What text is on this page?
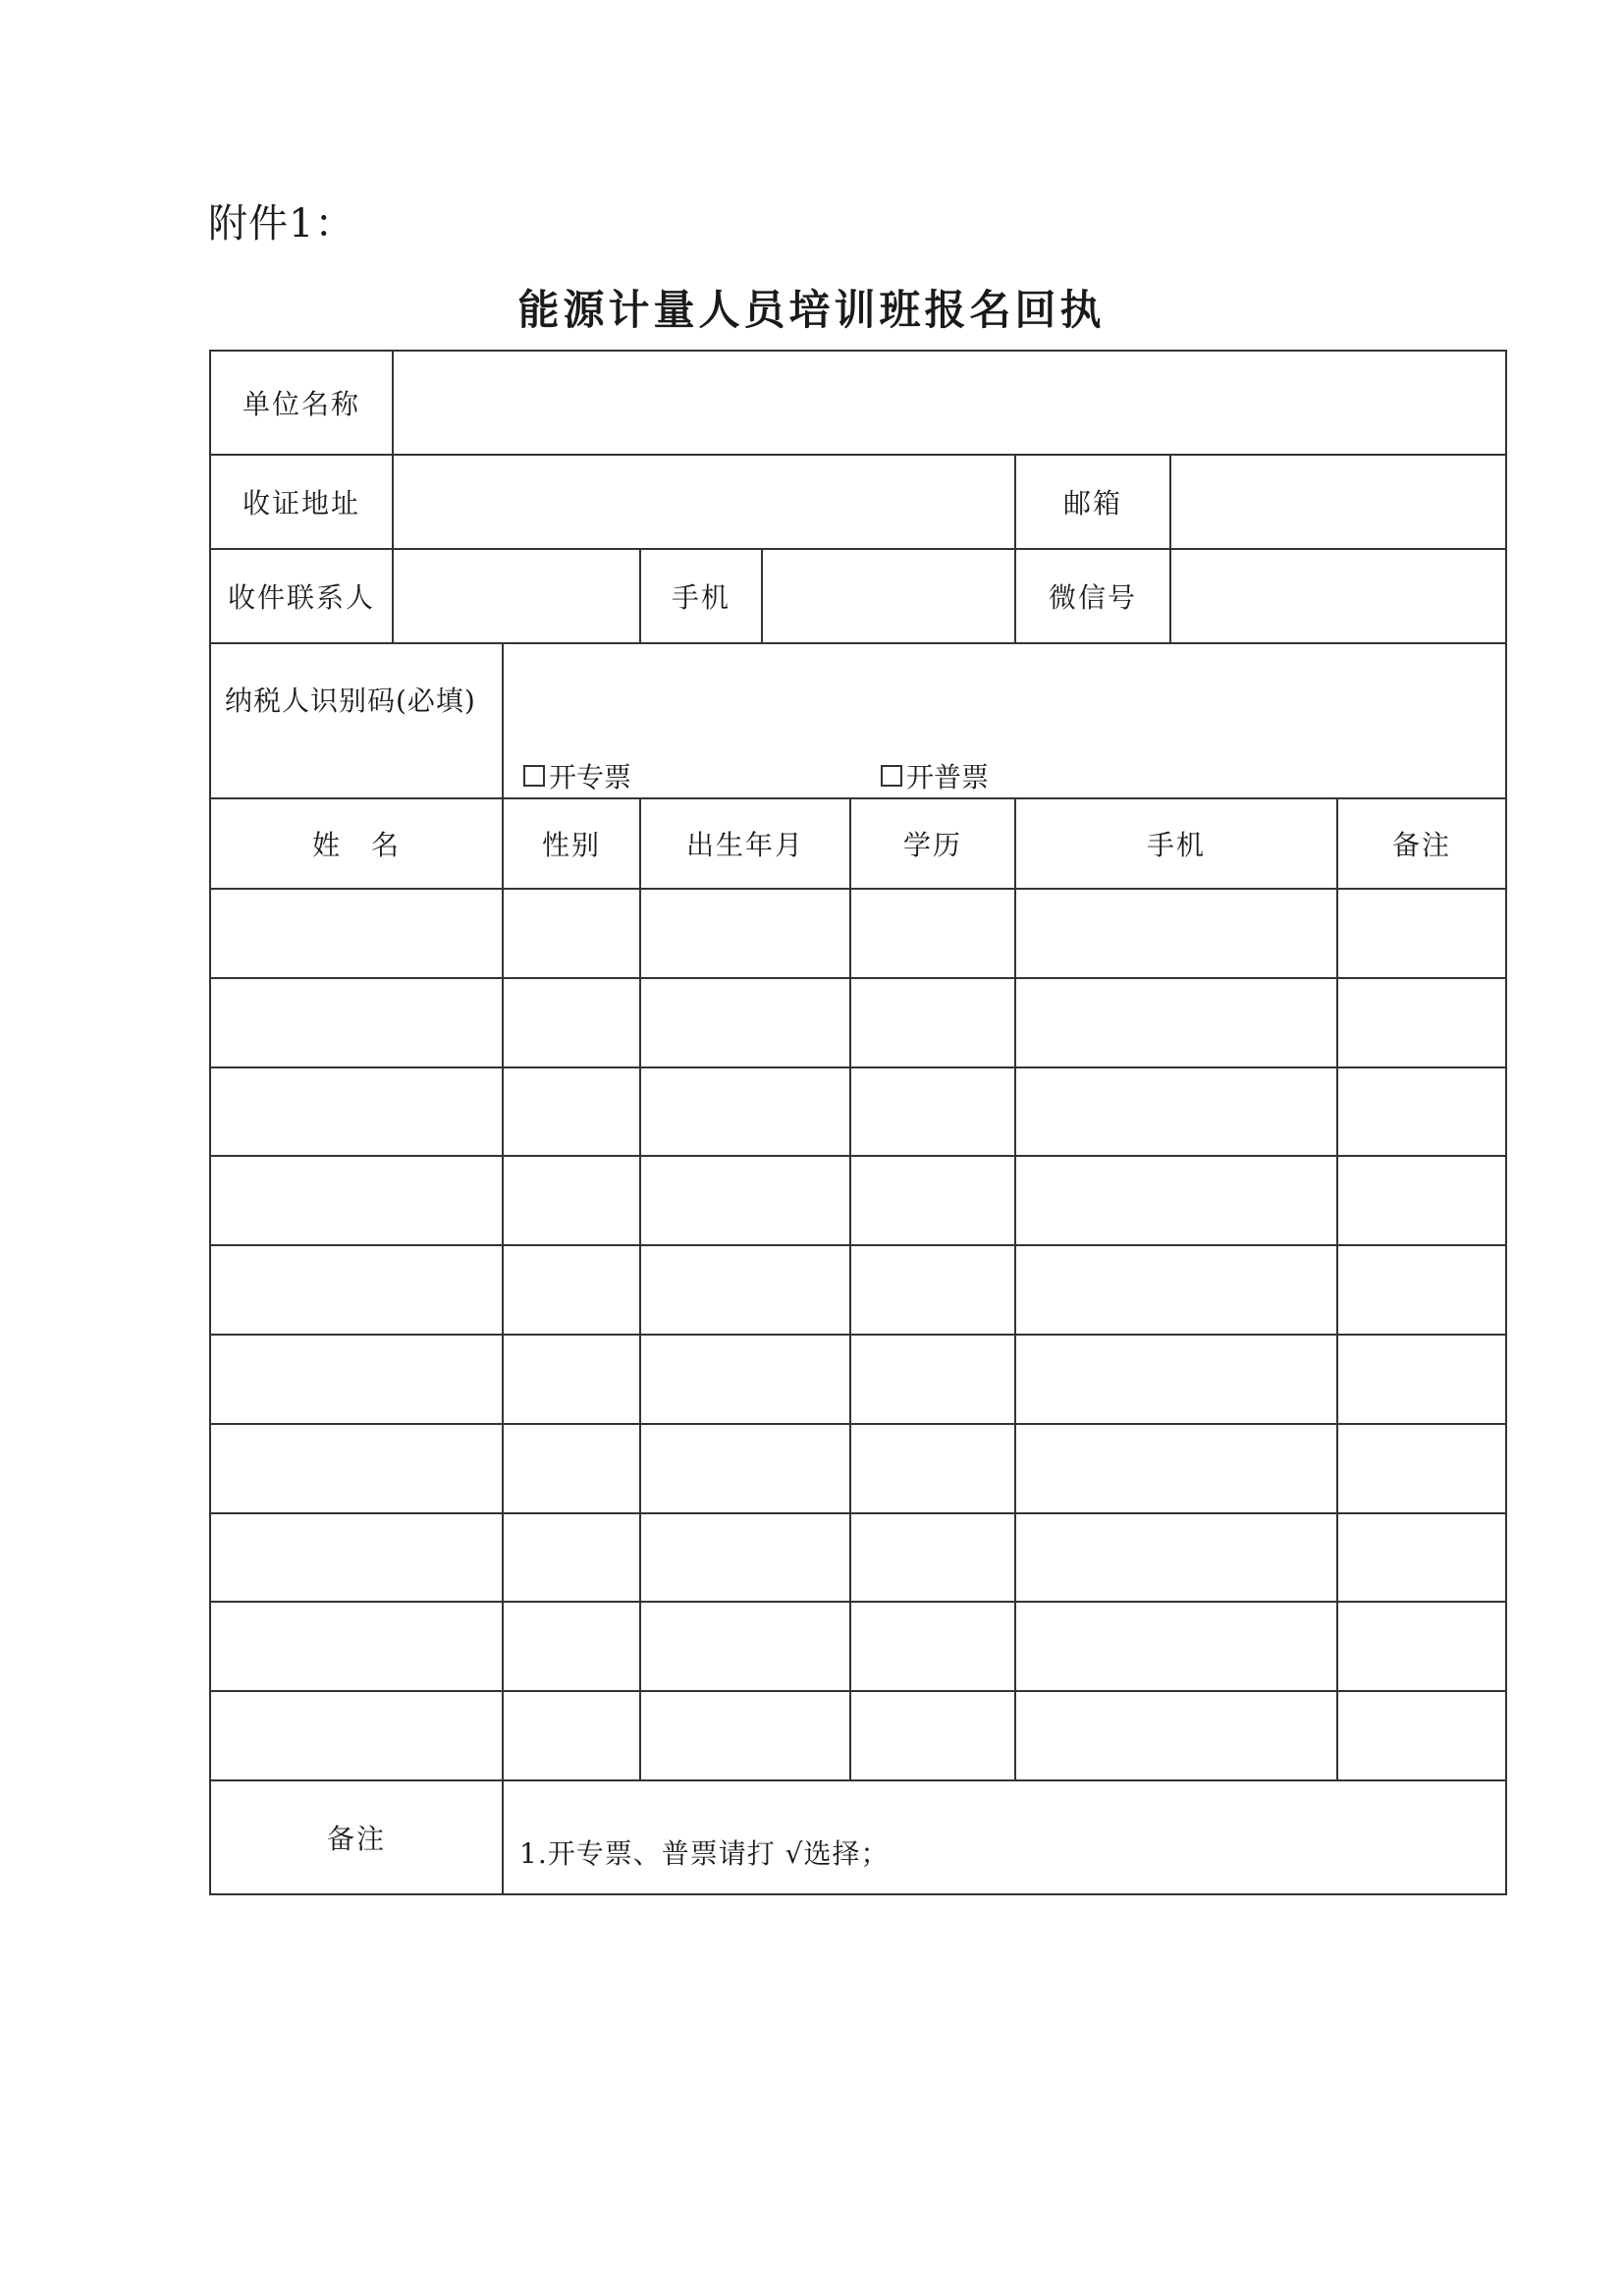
附件1：
能源计量人员培训班报名回执
单位名称
收证地址	邮箱
收件联系人	手机	微信号
纳税人识别码(必填)
开专票	开普票
姓　名	性别	出生年月	学历	手机	备注
备注	1.开专票、普票请打 √选择；
